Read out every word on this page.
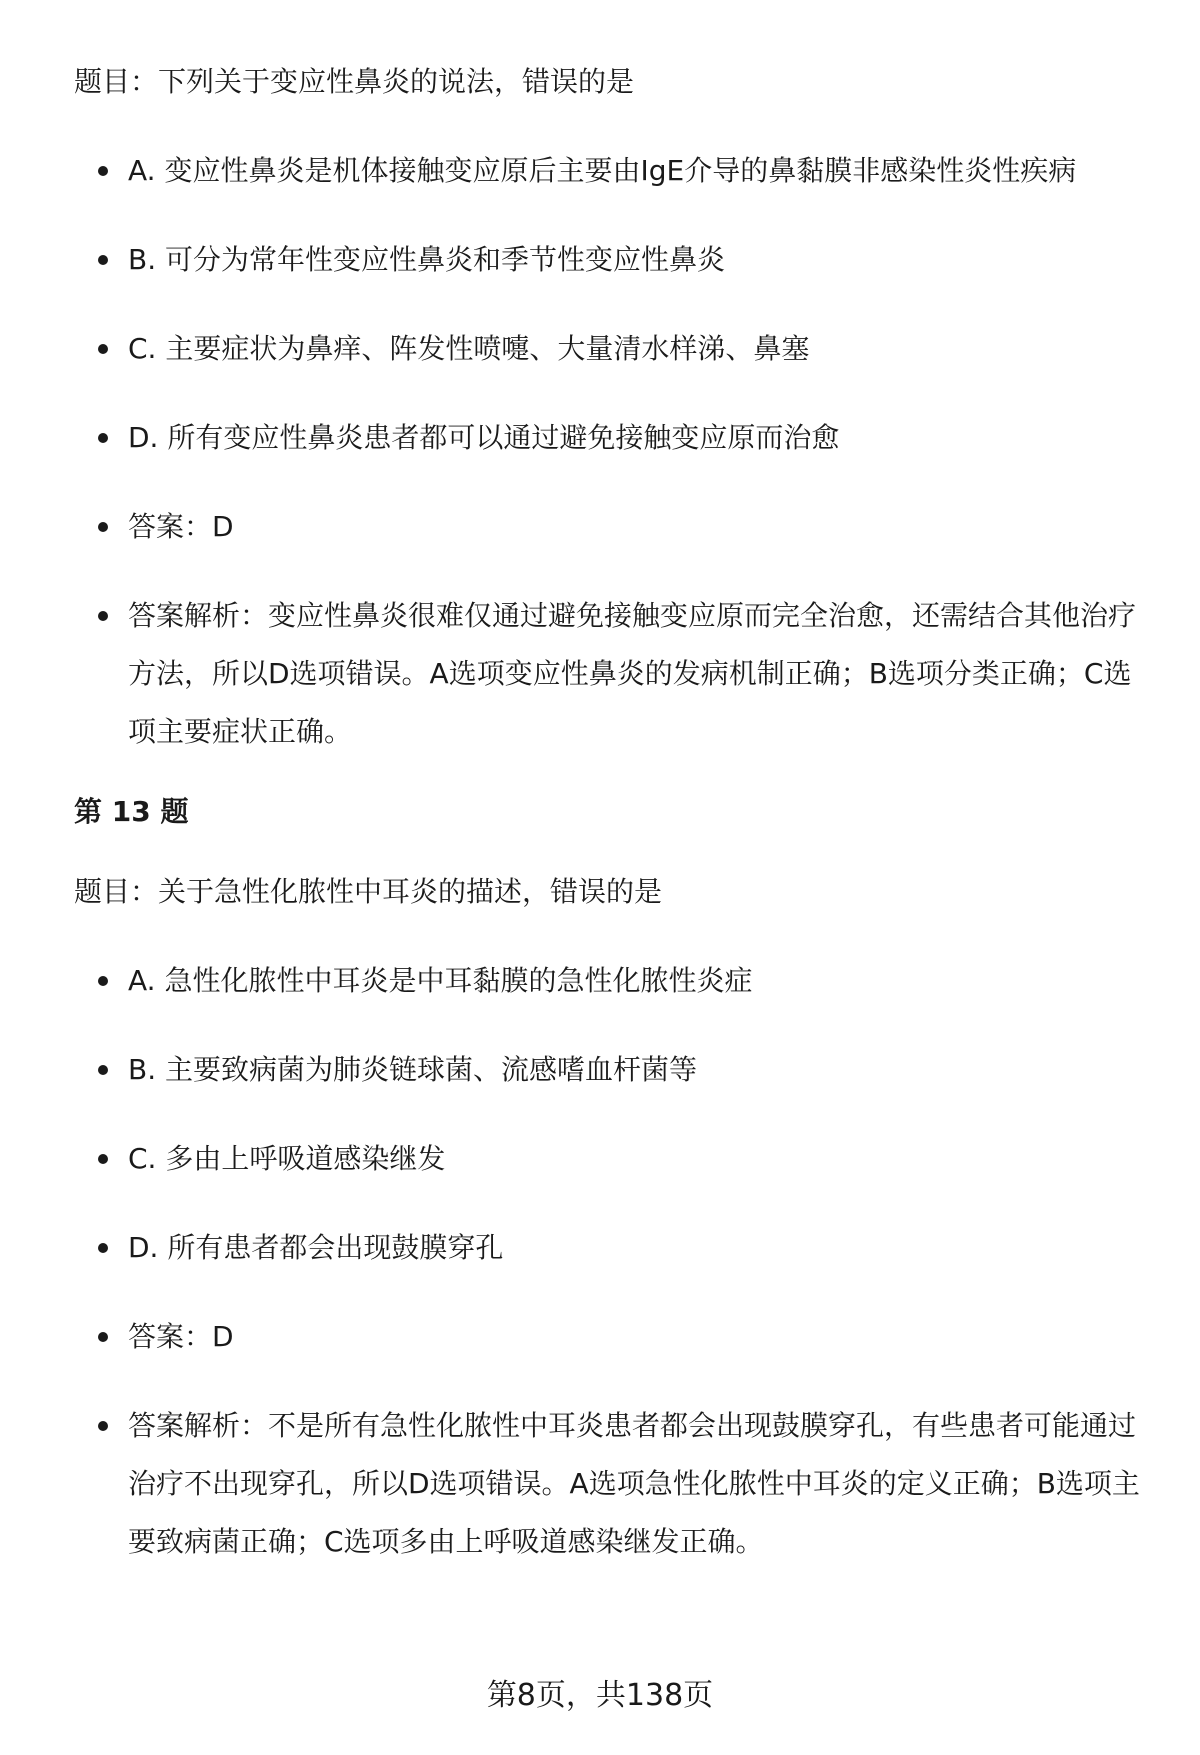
题目：下列关于变应性鼻炎的说法，错误的是

A. 变应性鼻炎是机体接触变应原后主要由IgE介导的鼻黏膜非感染性炎性疾病
B. 可分为常年性变应性鼻炎和季节性变应性鼻炎
C. 主要症状为鼻痒、阵发性喷嚏、大量清水样涕、鼻塞
D. 所有变应性鼻炎患者都可以通过避免接触变应原而治愈
答案：D
答案解析：变应性鼻炎很难仅通过避免接触变应原而完全治愈，还需结合其他治疗方法，所以D选项错误。A选项变应性鼻炎的发病机制正确；B选项分类正确；C选项主要症状正确。

第 13 题

题目：关于急性化脓性中耳炎的描述，错误的是

A. 急性化脓性中耳炎是中耳黏膜的急性化脓性炎症
B. 主要致病菌为肺炎链球菌、流感嗜血杆菌等
C. 多由上呼吸道感染继发
D. 所有患者都会出现鼓膜穿孔
答案：D
答案解析：不是所有急性化脓性中耳炎患者都会出现鼓膜穿孔，有些患者可能通过治疗不出现穿孔，所以D选项错误。A选项急性化脓性中耳炎的定义正确；B选项主要致病菌正确；C选项多由上呼吸道感染继发正确。
第8页，共138页
